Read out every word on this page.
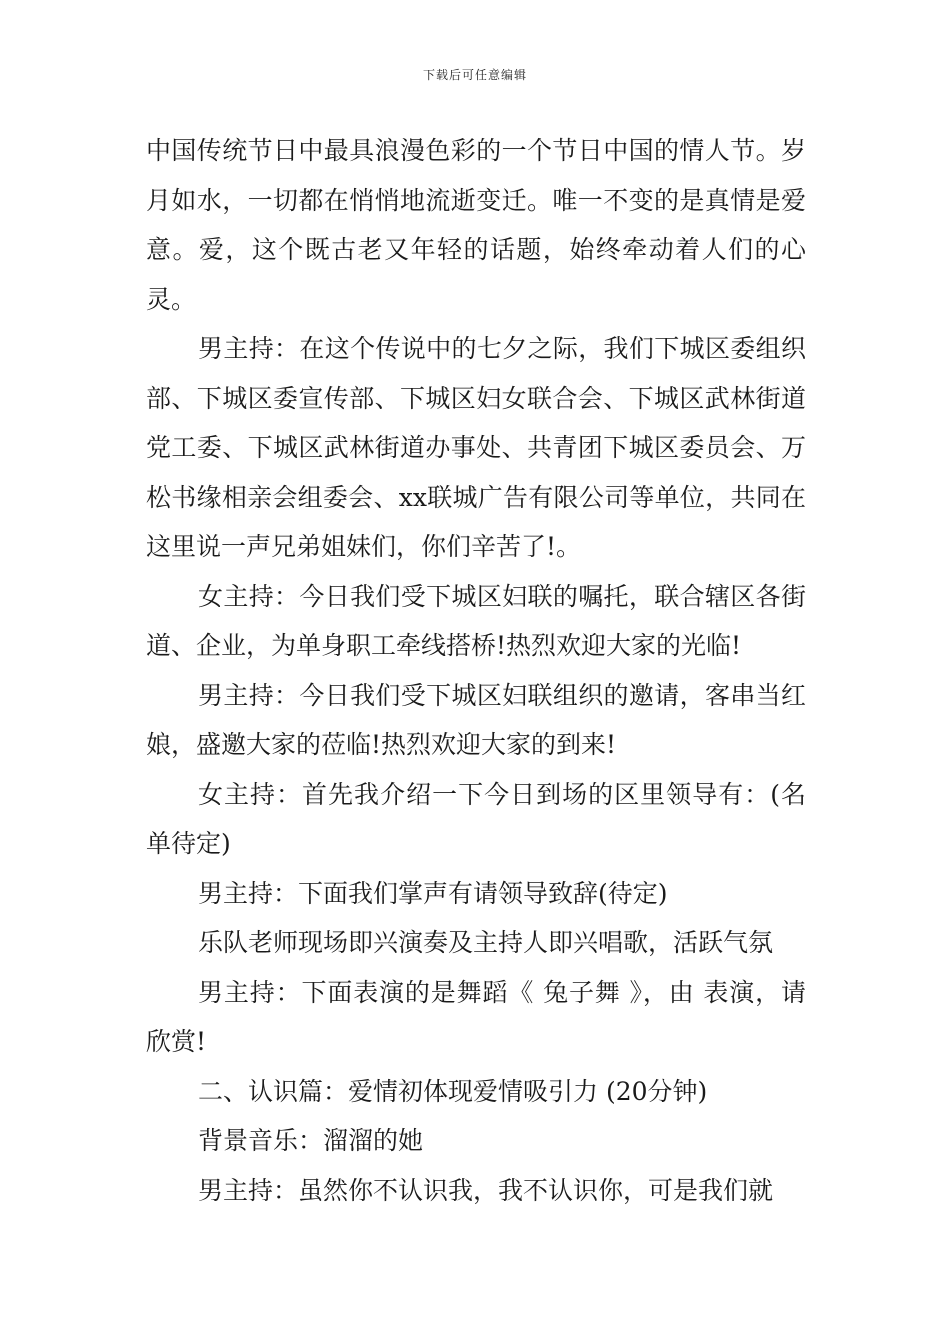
下载后可任意编辑

中国传统节日中最具浪漫色彩的一个节日中国的情人节。岁月如水，一切都在悄悄地流逝变迁。唯一不变的是真情是爱意。爱，这个既古老又年轻的话题，始终牵动着人们的心灵。

男主持：在这个传说中的七夕之际，我们下城区委组织部、下城区委宣传部、下城区妇女联合会、下城区武林街道党工委、下城区武林街道办事处、共青团下城区委员会、万松书缘相亲会组委会、xx联城广告有限公司等单位，共同在这里说一声兄弟姐妹们，你们辛苦了!。

女主持：今日我们受下城区妇联的嘱托，联合辖区各街道、企业，为单身职工牵线搭桥!热烈欢迎大家的光临!

男主持：今日我们受下城区妇联组织的邀请，客串当红娘，盛邀大家的莅临!热烈欢迎大家的到来!

女主持：首先我介绍一下今日到场的区里领导有：(名单待定)

男主持：下面我们掌声有请领导致辞(待定)

乐队老师现场即兴演奏及主持人即兴唱歌，活跃气氛

男主持：下面表演的是舞蹈《 兔子舞 》，由 表演，请欣赏!

二、认识篇：爱情初体现爱情吸引力 (20分钟)

背景音乐：溜溜的她

男主持：虽然你不认识我，我不认识你，可是我们就
